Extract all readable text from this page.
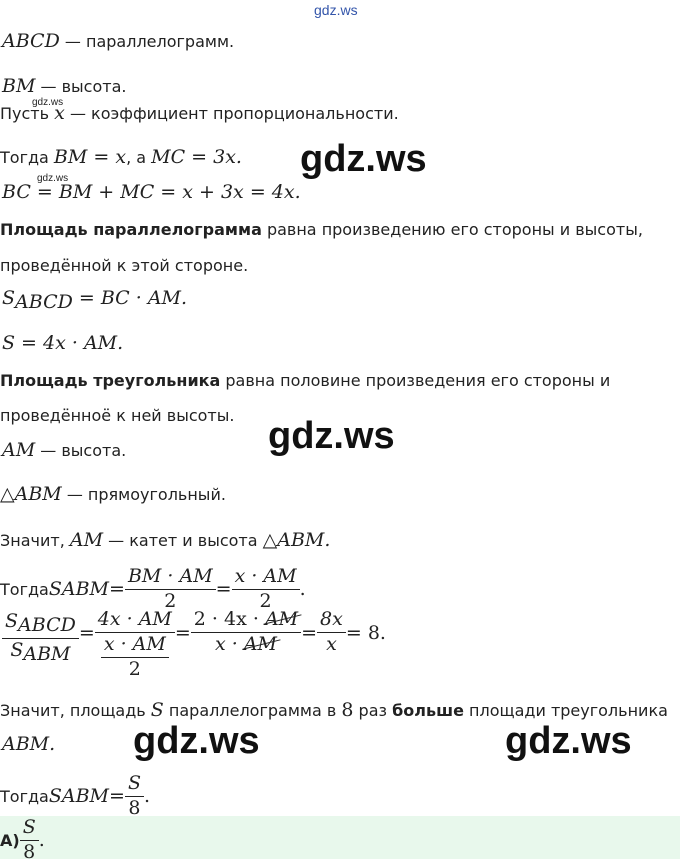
gdz.ws
gdz.ws
gdz.ws	gdz.ws
gdz.ws
gdz.ws	gdz.ws
ABCD — параллелограмм.
BM — высота.
Пусть x — коэффициент пропорциональности.
Тогда BM = x, а MC = 3x.
BC = BM + MC = x + 3x = 4x.
Площадь параллелограмма равна произведению его стороны и высоты,
проведённой к этой стороне.
$S_{ABCD}$ = BC · AM.
S = 4x · AM.
Площадь треугольника равна половине произведения его стороны и
проведённоё к ней высоты.
AM — высота.
△ABM — прямоугольный.
Значит, AM — катет и высота △ABM.
Тогда S ABM = $\frac{BM \cdot AM}{2} = \frac{x \cdot AM}{2}$ .
$\frac{S_{ABCD}}{S_{ABM}} = \frac{4x \cdot AM}{\frac{x \cdot AM}{2}} = \frac{2 \cdot 4x \cdot AM}{x \cdot AM} = \frac{8x}{x} = 8$.
Значит, площадь S параллелограмма в 8 раз больше площади треугольника
ABM.
Тогда S ABM = $\frac{S}{8}$ .
$А) \frac{S}{8}$ .
